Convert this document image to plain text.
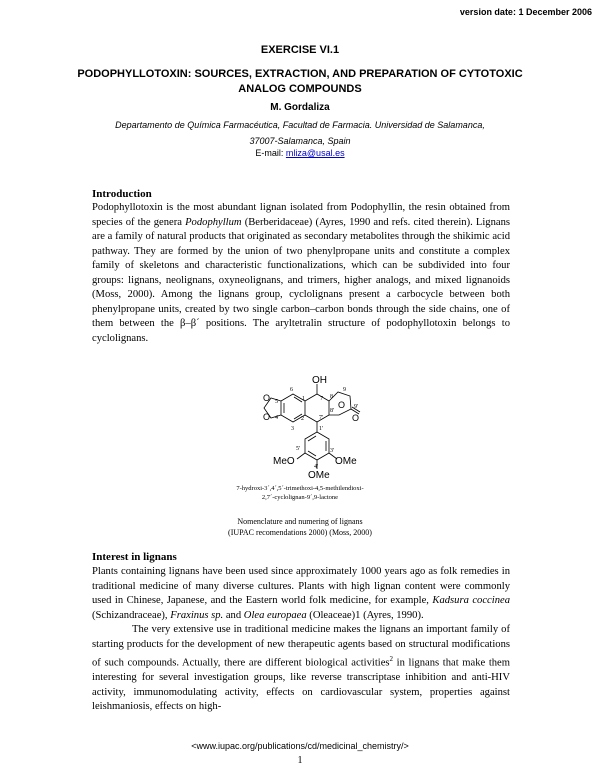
version date: 1 December 2006
EXERCISE VI.1
PODOPHYLLOTOXIN: SOURCES, EXTRACTION, AND PREPARATION OF CYTOTOXIC ANALOG COMPOUNDS
M. Gordaliza
Departamento de Química Farmacéutica, Facultad de Farmacia. Universidad de Salamanca,
37007-Salamanca, Spain
E-mail: mliza@usal.es
Introduction

Podophyllotoxin is the most abundant lignan isolated from Podophyllin, the resin obtained from species of the genera Podophyllum (Berberidaceae) (Ayres, 1990 and refs. cited therein). Lignans are a family of natural products that originated as secondary metabolites through the shikimic acid pathway. They are formed by the union of two phenylpropane units and constitute a complex family of skeletons and characteristic functionalizations, which can be subdivided into four groups: lignans, neolignans, oxyneolignans, and trimers, higher analogs, and mixed lignanoids (Moss, 2000). Among the lignans group, cyclolignans present a carbocycle between both phenylpropane units, created by two single carbon–carbon bonds through the side chains, one of them between the β–β´ positions. The aryltetralin structure of podophyllotoxin belongs to cyclolignans.

OH
O
O
O
O
MeO	OMe
OMe
6
5
4
3
2
1	7 8
9
7'
8'
9'
1'
3'
4'
5'
7-hydroxi-3´,4´,5´-trimethoxi-4,5-methilendioxi-
2,7´-cyclolignan-9´,9-lactone
Nomenclature and numering of lignans
(IUPAC recomendations 2000) (Moss, 2000)
Interest in lignans

Plants containing lignans have been used since approximately 1000 years ago as folk remedies in traditional medicine of many diverse cultures. Plants with high lignan content were commonly used in Chinese, Japanese, and the Eastern world folk medicine, for example, Kadsura coccinea (Schizandraceae), Fraxinus sp. and Olea europaea (Oleaceae)1 (Ayres, 1990).

The very extensive use in traditional medicine makes the lignans an important family of starting products for the development of new therapeutic agents based on structural modifications of such compounds. Actually, there are different biological activities$^2$ in lignans that make them interesting for several investigation groups, like reverse transcriptase inhibition and anti-HIV activity, immunomodulating activity, effects on cardiovascular system, properties against leishmaniosis, effects on high-

<www.iupac.org/publications/cd/medicinal_chemistry/>
1
